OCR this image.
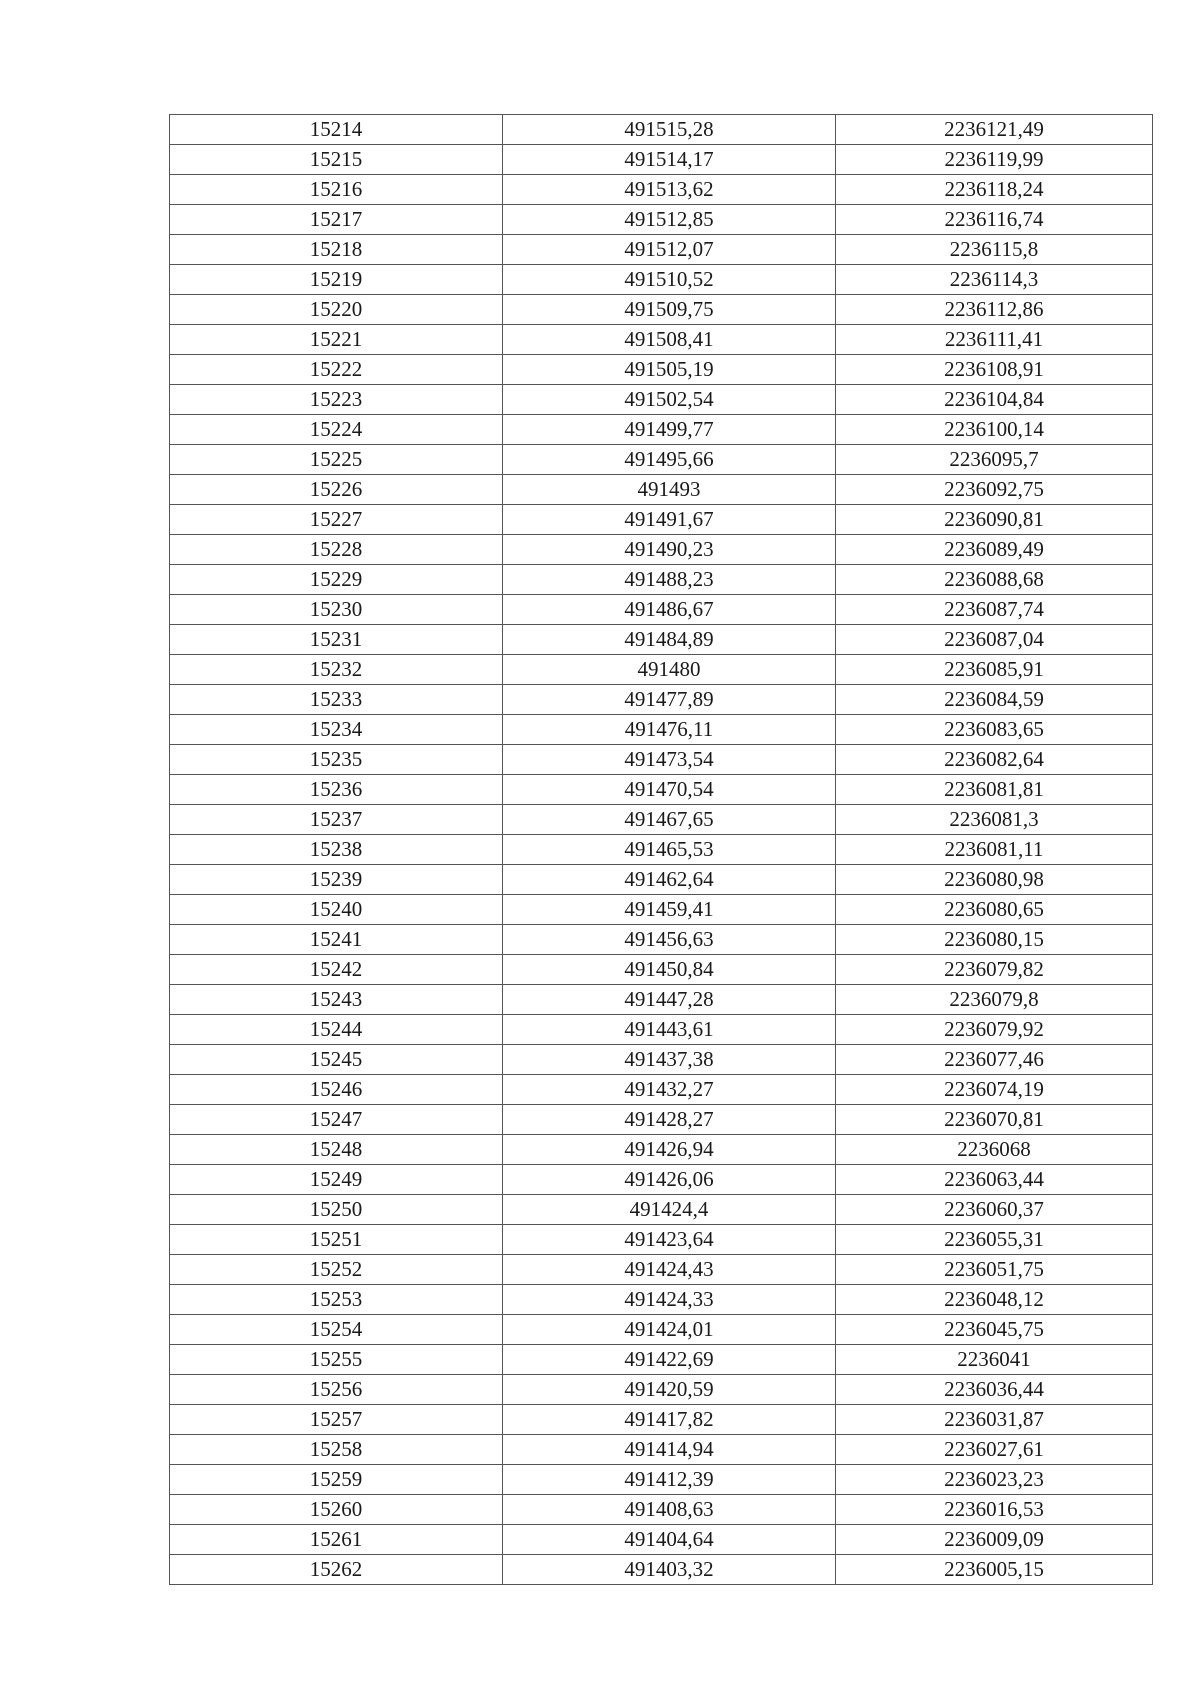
15214	491515,28	2236121,49
15215	491514,17	2236119,99
15216	491513,62	2236118,24
15217	491512,85	2236116,74
15218	491512,07	2236115,8
15219	491510,52	2236114,3
15220	491509,75	2236112,86
15221	491508,41	2236111,41
15222	491505,19	2236108,91
15223	491502,54	2236104,84
15224	491499,77	2236100,14
15225	491495,66	2236095,7
15226	491493	2236092,75
15227	491491,67	2236090,81
15228	491490,23	2236089,49
15229	491488,23	2236088,68
15230	491486,67	2236087,74
15231	491484,89	2236087,04
15232	491480	2236085,91
15233	491477,89	2236084,59
15234	491476,11	2236083,65
15235	491473,54	2236082,64
15236	491470,54	2236081,81
15237	491467,65	2236081,3
15238	491465,53	2236081,11
15239	491462,64	2236080,98
15240	491459,41	2236080,65
15241	491456,63	2236080,15
15242	491450,84	2236079,82
15243	491447,28	2236079,8
15244	491443,61	2236079,92
15245	491437,38	2236077,46
15246	491432,27	2236074,19
15247	491428,27	2236070,81
15248	491426,94	2236068
15249	491426,06	2236063,44
15250	491424,4	2236060,37
15251	491423,64	2236055,31
15252	491424,43	2236051,75
15253	491424,33	2236048,12
15254	491424,01	2236045,75
15255	491422,69	2236041
15256	491420,59	2236036,44
15257	491417,82	2236031,87
15258	491414,94	2236027,61
15259	491412,39	2236023,23
15260	491408,63	2236016,53
15261	491404,64	2236009,09
15262	491403,32	2236005,15
